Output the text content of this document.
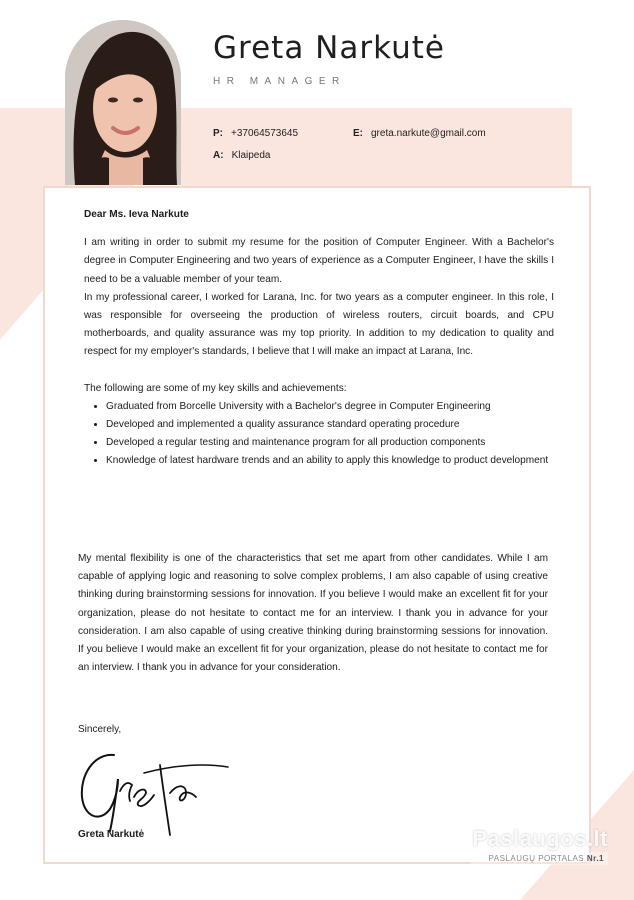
Greta Narkutė
HR MANAGER
P: +37064573645	E: greta.narkute@gmail.com
A: Klaipeda

Dear Ms. Ieva Narkute

I am writing in order to submit my resume for the position of Computer Engineer. With a Bachelor's degree in Computer Engineering and two years of experience as a Computer Engineer, I have the skills I need to be a valuable member of your team.

In my professional career, I worked for Larana, Inc. for two years as a computer engineer. In this role, I was responsible for overseeing the production of wireless routers, circuit boards, and CPU motherboards, and quality assurance was my top priority. In addition to my dedication to quality and respect for my employer's standards, I believe that I will make an impact at Larana, Inc.

The following are some of my key skills and achievements:

• Graduated from Borcelle University with a Bachelor's degree in Computer Engineering
• Developed and implemented a quality assurance standard operating procedure
• Developed a regular testing and maintenance program for all production components
• Knowledge of latest hardware trends and an ability to apply this knowledge to product development

My mental flexibility is one of the characteristics that set me apart from other candidates. While I am capable of applying logic and reasoning to solve complex problems, I am also capable of using creative thinking during brainstorming sessions for innovation. If you believe I would make an excellent fit for your organization, please do not hesitate to contact me for an interview. I thank you in advance for your consideration. I am also capable of using creative thinking during brainstorming sessions for innovation. If you believe I would make an excellent fit for your organization, please do not hesitate to contact me for an interview. I thank you in advance for your consideration.

Sincerely,
Greta Narkutė	Paslaugos.lt
PASLAUGŲ PORTALAS Nr.1
